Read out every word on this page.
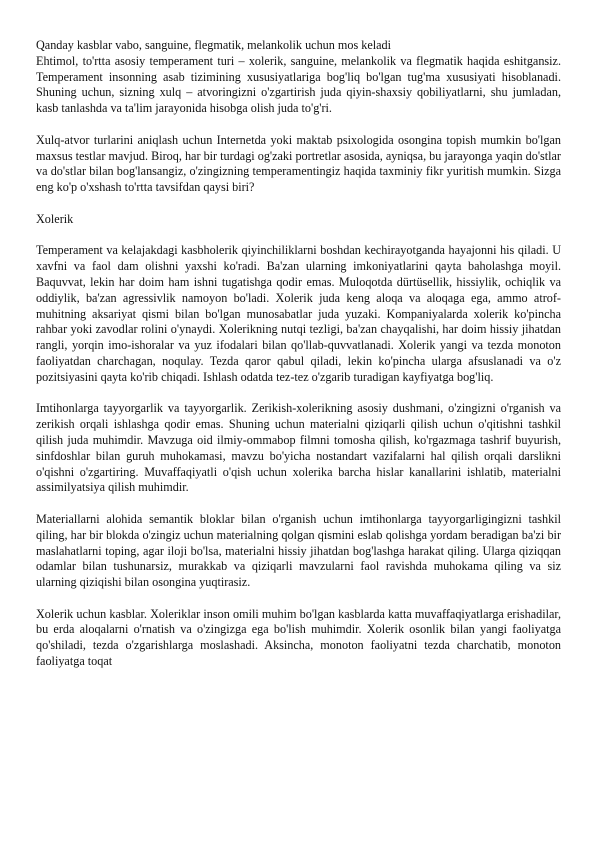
Qanday kasblar vabo, sanguine, flegmatik, melankolik uchun mos keladi

Ehtimol, to'rtta asosiy temperament turi – xolerik, sanguine, melankolik va flegmatik haqida eshitgansiz. Temperament insonning asab tizimining xususiyatlariga bog'liq bo'lgan tug'ma xususiyati hisoblanadi. Shuning uchun, sizning xulq – atvoringizni o'zgartirish juda qiyin-shaxsiy qobiliyatlarni, shu jumladan, kasb tanlashda va ta'lim jarayonida hisobga olish juda to'g'ri.

Xulq-atvor turlarini aniqlash uchun Internetda yoki maktab psixologida osongina topish mumkin bo'lgan maxsus testlar mavjud. Biroq, har bir turdagi og'zaki portretlar asosida, ayniqsa, bu jarayonga yaqin do'stlar va do'stlar bilan bog'lansangiz, o'zingizning temperamentingiz haqida taxminiy fikr yuritish mumkin. Sizga eng ko'p o'xshash to'rtta tavsifdan qaysi biri?

Xolerik

Temperament va kelajakdagi kasbholerik qiyinchiliklarni boshdan kechirayotganda hayajonni his qiladi. U xavfni va faol dam olishni yaxshi ko'radi. Ba'zan ularning imkoniyatlarini qayta baholashga moyil. Baquvvat, lekin har doim ham ishni tugatishga qodir emas. Muloqotda dürtüsellik, hissiylik, ochiqlik va oddiylik, ba'zan agressivlik namoyon bo'ladi. Xolerik juda keng aloqa va aloqaga ega, ammo atrof-muhitning aksariyat qismi bilan bo'lgan munosabatlar juda yuzaki. Kompaniyalarda xolerik ko'pincha rahbar yoki zavodlar rolini o'ynaydi. Xolerikning nutqi tezligi, ba'zan chayqalishi, har doim hissiy jihatdan rangli, yorqin imo-ishoralar va yuz ifodalari bilan qo'llab-quvvatlanadi. Xolerik yangi va tezda monoton faoliyatdan charchagan, noqulay. Tezda qaror qabul qiladi, lekin ko'pincha ularga afsuslanadi va o'z pozitsiyasini qayta ko'rib chiqadi. Ishlash odatda tez-tez o'zgarib turadigan kayfiyatga bog'liq.

Imtihonlarga tayyorgarlik va tayyorgarlik. Zerikish-xolerikning asosiy dushmani, o'zingizni o'rganish va zerikish orqali ishlashga qodir emas. Shuning uchun materialni qiziqarli qilish uchun o'qitishni tashkil qilish juda muhimdir. Mavzuga oid ilmiy-ommabop filmni tomosha qilish, ko'rgazmaga tashrif buyurish, sinfdoshlar bilan guruh muhokamasi, mavzu bo'yicha nostandart vazifalarni hal qilish orqali darslikni o'qishni o'zgartiring. Muvaffaqiyatli o'qish uchun xolerika barcha hislar kanallarini ishlatib, materialni assimilyatsiya qilish muhimdir.

Materiallarni alohida semantik bloklar bilan o'rganish uchun imtihonlarga tayyorgarligingizni tashkil qiling, har bir blokda o'zingiz uchun materialning qolgan qismini eslab qolishga yordam beradigan ba'zi bir maslahatlarni toping, agar iloji bo'lsa, materialni hissiy jihatdan bog'lashga harakat qiling. Ularga qiziqqan odamlar bilan tushunarsiz, murakkab va qiziqarli mavzularni faol ravishda muhokama qiling va siz ularning qiziqishi bilan osongina yuqtirasiz.

Xolerik uchun kasblar. Xoleriklar inson omili muhim bo'lgan kasblarda katta muvaffaqiyatlarga erishadilar, bu erda aloqalarni o'rnatish va o'zingizga ega bo'lish muhimdir. Xolerik osonlik bilan yangi faoliyatga qo'shiladi, tezda o'zgarishlarga moslashadi. Aksincha, monoton faoliyatni tezda charchatib, monoton faoliyatga toqat
